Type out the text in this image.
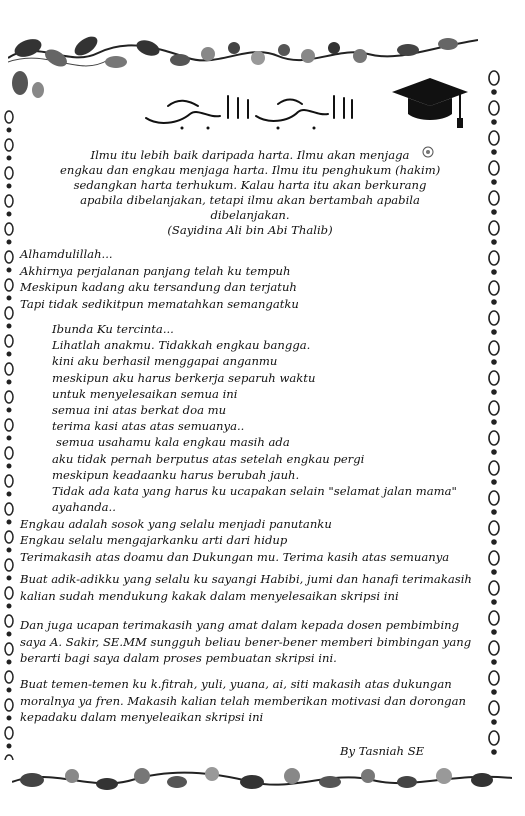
Ilmu itu lebih baik daripada harta. Ilmu akan menjaga
engkau dan engkau menjaga harta. Ilmu itu penghukum (hakim)
sedangkan harta terhukum. Kalau harta itu akan berkurang
apabila dibelanjakan, tetapi ilmu akan bertambah apabila
dibelanjakan.
(Sayidina Ali bin Abi Thalib)
Alhamdulillah...
Akhirnya perjalanan panjang telah ku tempuh
Meskipun kadang aku tersandung dan terjatuh
Tapi tidak sedikitpun mematahkan semangatku
Ibunda Ku tercinta...
Lihatlah anakmu. Tidakkah engkau bangga.
kini aku berhasil menggapai anganmu
meskipun aku harus berkerja separuh waktu
untuk menyelesaikan semua ini
semua ini atas berkat doa mu
terima kasi atas atas semuanya..
semua usahamu kala engkau masih ada
aku tidak pernah berputus atas setelah engkau pergi
meskipun keadaanku harus berubah jauh.
Tidak ada kata yang harus ku ucapakan selain "selamat jalan mama"
ayahanda..
Engkau adalah sosok yang selalu menjadi panutanku
Engkau selalu mengajarkanku arti dari hidup
Terimakasih atas doamu dan Dukungan mu. Terima kasih atas semuanya
Buat adik-adikku yang selalu ku sayangi Habibi, jumi dan hanafi terimakasih
kalian sudah mendukung kakak dalam menyelesaikan skripsi ini
Dan juga ucapan terimakasih yang amat dalam kepada dosen pembimbing
saya A. Sakir, SE.MM sungguh beliau bener-bener memberi bimbingan yang
berarti bagi saya dalam proses pembuatan skripsi ini.
Buat temen-temen ku k.fitrah, yuli, yuana, ai, siti makasih atas dukungan
moralnya ya fren. Makasih kalian telah memberikan motivasi dan dorongan
kepadaku dalam menyeleaikan skripsi ini
By Tasniah SE
